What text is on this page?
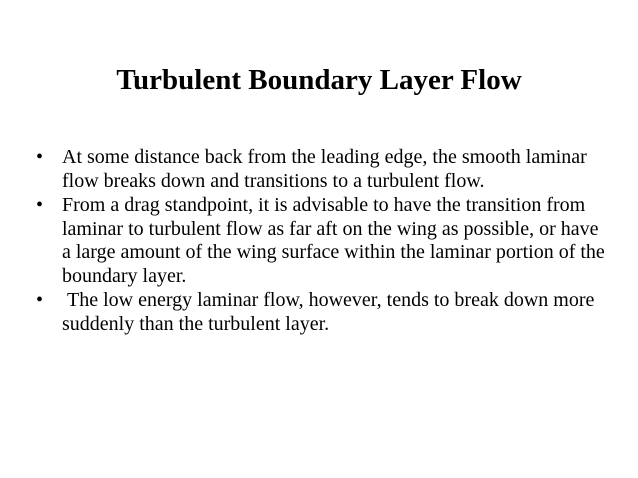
Turbulent Boundary Layer Flow
• At some distance back from the leading edge, the smooth laminar flow breaks down and transitions to a turbulent flow.
• From a drag standpoint, it is advisable to have the transition from laminar to turbulent flow as far aft on the wing as possible, or have a large amount of the wing surface within the laminar portion of the boundary layer.
• The low energy laminar flow, however, tends to break down more suddenly than the turbulent layer.
